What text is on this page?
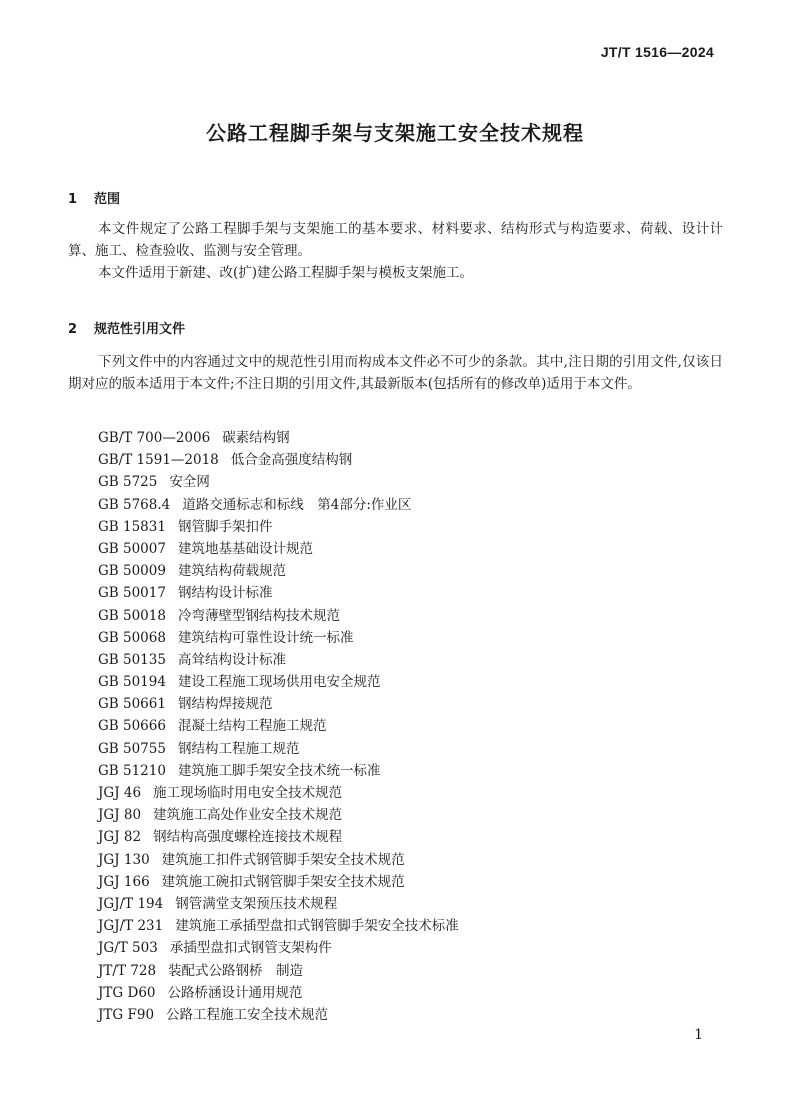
JT/T 1516—2024
公路工程脚手架与支架施工安全技术规程
1 范围

本文件规定了公路工程脚手架与支架施工的基本要求、材料要求、结构形式与构造要求、荷载、设计计算、施工、检查验收、监测与安全管理。

本文件适用于新建、改(扩)建公路工程脚手架与模板支架施工。

2 规范性引用文件

下列文件中的内容通过文中的规范性引用而构成本文件必不可少的条款。其中,注日期的引用文件,仅该日期对应的版本适用于本文件;不注日期的引用文件,其最新版本(包括所有的修改单)适用于本文件。

GB/T 700—2006 碳素结构钢
GB/T 1591—2018 低合金高强度结构钢
GB 5725 安全网
GB 5768.4 道路交通标志和标线　第4部分:作业区
GB 15831 钢管脚手架扣件
GB 50007 建筑地基基础设计规范
GB 50009 建筑结构荷载规范
GB 50017 钢结构设计标准
GB 50018 冷弯薄壁型钢结构技术规范
GB 50068 建筑结构可靠性设计统一标准
GB 50135 高耸结构设计标准
GB 50194 建设工程施工现场供用电安全规范
GB 50661 钢结构焊接规范
GB 50666 混凝土结构工程施工规范
GB 50755 钢结构工程施工规范
GB 51210 建筑施工脚手架安全技术统一标准
JGJ 46 施工现场临时用电安全技术规范
JGJ 80 建筑施工高处作业安全技术规范
JGJ 82 钢结构高强度螺栓连接技术规程
JGJ 130 建筑施工扣件式钢管脚手架安全技术规范
JGJ 166 建筑施工碗扣式钢管脚手架安全技术规范
JGJ/T 194 钢管满堂支架预压技术规程
JGJ/T 231 建筑施工承插型盘扣式钢管脚手架安全技术标准
JG/T 503 承插型盘扣式钢管支架构件
JT/T 728 装配式公路钢桥　制造
JTG D60 公路桥涵设计通用规范
JTG F90 公路工程施工安全技术规范
1
